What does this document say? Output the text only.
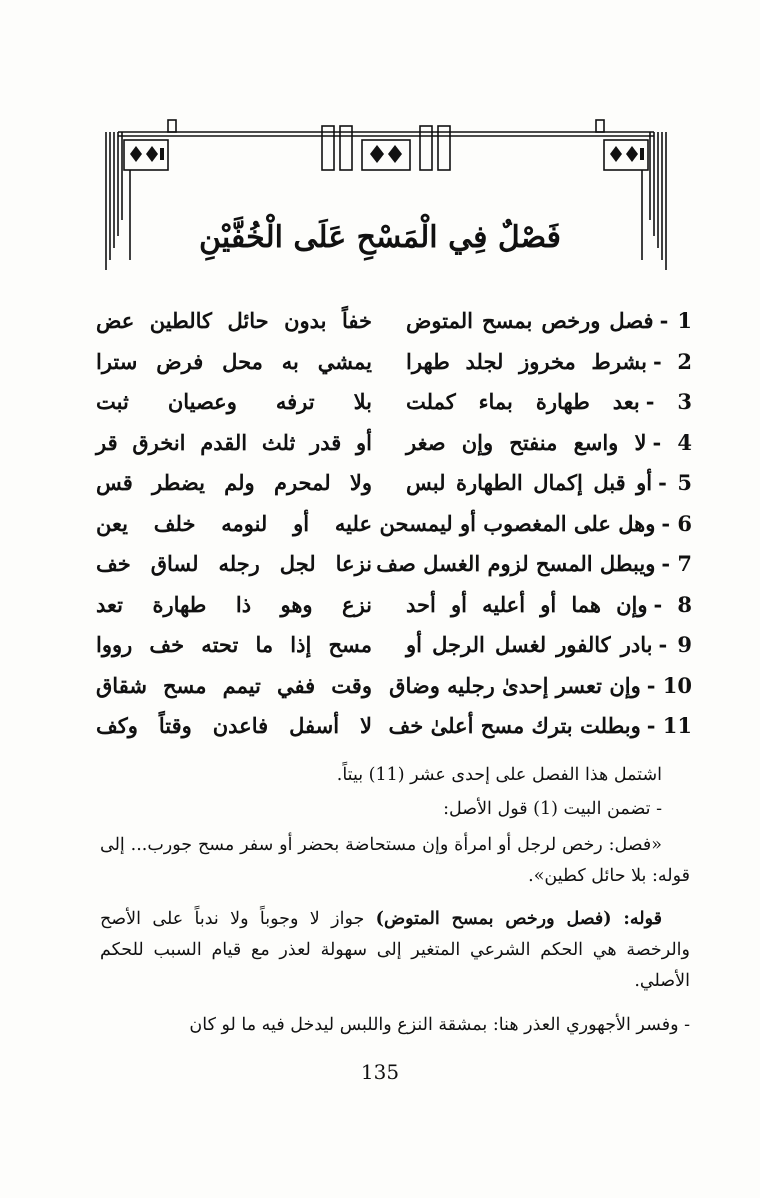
فَصْلٌ فِي الْمَسْحِ عَلَى الْخُفَّيْنِ
1 -فصل ورخص بمسح المتوض
خفاً بدون حائل كالطين عض
2 -بشرط مخروز لجلد طهرا
يمشي به محل فرض سترا
3 -بعد طهارة بماء كملت
بلا ترفه وعصيان ثبت
4 -لا واسع منفتح وإن صغر
أو قدر ثلث القدم انخرق قر
5 -أو قبل إكمال الطهارة لبس
ولا لمحرم ولم يضطر قس
6 -وهل على المغصوب أو ليمسحن
عليه أو لنومه خلف يعن
7 -ويبطل المسح لزوم الغسل صف
نزعا لجل رجله لساق خف
8 -وإن هما أو أعليه أو أحد
نزع وهو ذا طهارة تعد
9 -بادر كالفور لغسل الرجل أو
مسح إذا ما تحته خف رووا
10 -وإن تعسر إحدىٰ رجليه وضاق
وقت ففي تيمم مسح شقاق
11 -وبطلت بترك مسح أعلىٰ خف
لا أسفل فاعدن وقتاً وكف
اشتمل هذا الفصل على إحدى عشر (11) بيتاً.
- تضمن البيت (1) قول الأصل:
«فصل: رخص لرجل أو امرأة وإن مستحاضة بحضر أو سفر مسح جورب... إلى قوله: بلا حائل كطين».
قوله: (فصل ورخص بمسح المتوض) جواز لا وجوباً ولا ندباً على الأصح والرخصة هي الحكم الشرعي المتغير إلى سهولة لعذر مع قيام السبب للحكم الأصلي.
- وفسر الأجهوري العذر هنا: بمشقة النزع واللبس ليدخل فيه ما لو كان
135
